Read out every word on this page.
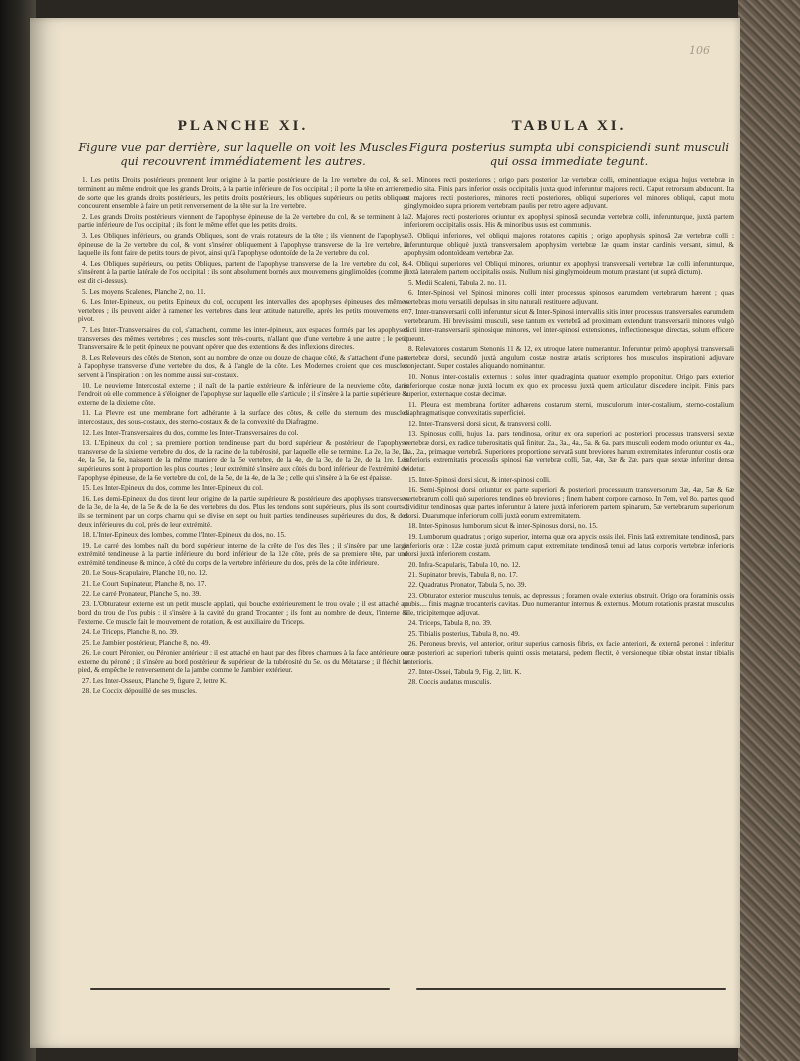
106
PLANCHE XI.

Figure vue par derrière, sur laquelle on voit les Muscles qui recouvrent immédiatement les autres.

1. Les petits Droits postérieurs prennent leur origine à la partie postérieure de la 1re vertebre du col, & se terminent au même endroit que les grands Droits, à la partie inférieure de l'os occipital ; il porte la tête en arriere ; de sorte que les grands droits postérieurs, les petits droits postérieurs, les obliques supérieurs ou petits obliques concourent ensemble à faire un petit renversement de la tête sur la 1re vertebre.
2. Les grands Droits postérieurs viennent de l'apophyse épineuse de la 2e vertebre du col, & se terminent à la partie inférieure de l'os occipital ; ils font le même effet que les petits droits.
3. Les Obliques inférieurs, ou grands Obliques, sont de vrais rotateurs de la tête ; ils viennent de l'apophyse épineuse de la 2e vertebre du col, & vont s'insérer obliquement à l'apophyse transverse de la 1re vertebre, à laquelle ils font faire de petits tours de pivot, ainsi qu'à l'apophyse odontoïde de la 2e vertebre du col.
4. Les Obliques supérieurs, ou petits Obliques, partent de l'apophyse transverse de la 1re vertebre du col, & s'insèrent à la partie latérale de l'os occipital : ils sont absolument bornés aux mouvemens ginglimoïdes (comme il est dit ci-dessus).
5. Les moyens Scalenes, Planche 2, no. 11.
6. Les Inter-Epineux, ou petits Epineux du col, occupent les intervalles des apophyses épineuses des mêmes vertebres ; ils peuvent aider à ramener les vertebres dans leur attitude naturelle, après les petits mouvemens en pivot.
7. Les Inter-Transversaires du col, s'attachent, comme les inter-épineux, aux espaces formés par les apophyses transverses des mêmes vertebres ; ces muscles sont très-courts, n'allant que d'une vertebre à une autre ; le petit Transversaire & le petit épineux ne pouvant opérer que des extentions & des inflexions directes.
8. Les Releveurs des côtés de Stenon, sont au nombre de onze ou douze de chaque côté, & s'attachent d'une part à l'apophyse transverse d'une vertebre du dos, & à l'angle de la côte. Les Modernes croient que ces muscles servent à l'inspiration : on les nomme aussi sur-costaux.
10. Le neuvieme Intercostal externe ; il naît de la partie extérieure & inférieure de la neuvieme côte, dans l'endroit où elle commence à s'éloigner de l'apophyse sur laquelle elle s'articule ; il s'insère à la partie supérieure & externe de la dixieme côte.
11. La Plevre est une membrane fort adhérante à la surface des côtes, & celle du sternum des muscles intercostaux, des sous-costaux, des sterno-costaux & de la convexité du Diafragme.
12. Les Inter-Transversaires du dos, comme les Inter-Transversaires du col.
13. L'Epineux du col ; sa premiere portion tendineuse part du bord supérieur & postérieur de l'apophyse transverse de la sixieme vertebre du dos, de la racine de la tubérosité, par laquelle elle se termine. La 2e, la 3e, la 4e, la 5e, la 6e, naissent de la même maniere de la 5e vertebre, de la 4e, de la 3e, de la 2e, de la 1re. Les supérieures sont à proportion les plus courtes ; leur extrémité s'insère aux côtés du bord inférieur de l'extrémité de l'apophyse épineuse, de la 6e vertebre du col, de la 5e, de la 4e, de la 3e ; celle qui s'insère à la 6e est épaisse.
15. Les Inter-Epineux du dos, comme les Inter-Epineux du col.
16. Les demi-Epineux du dos tirent leur origine de la partie supérieure & postérieure des apophyses transverses de la 3e, de la 4e, de la 5e & de la 6e des vertebres du dos. Plus les tendons sont supérieurs, plus ils sont courts ; ils se terminent par un corps charnu qui se divise en sept ou huit parties tendineuses supérieures du dos, & des deux inférieures du col, près de leur extrémité.
18. L'Inter-Epineux des lombes, comme l'Inter-Epineux du dos, no. 15.
19. Le carré des lombes naît du bord supérieur interne de la crête de l'os des îles ; il s'insère par une large extrémité tendineuse à la partie inférieure du bord inférieur de la 12e côte, près de sa premiere tête, par une extrémité tendineuse & mince, à côté du corps de la vertebre inférieure du dos, près de la côte inférieure.
20. Le Sous-Scapulaire, Planche 10, no. 12.
21. Le Court Supinateur, Planche 8, no. 17.
22. Le carré Pronateur, Planche 5, no. 39.
23. L'Obturateur externe est un petit muscle applati, qui bouche extérieurement le trou ovale ; il est attaché au bord du trou de l'os pubis : il s'insère à la cavité du grand Trocanter ; ils font au nombre de deux, l'interne & l'externe. Ce muscle fait le mouvement de rotation, & est auxiliaire du Triceps.
24. Le Triceps, Planche 8, no. 39.
25. Le Jambier postérieur, Planche 8, no. 49.
26. Le court Péronier, ou Péronier antérieur : il est attaché en haut par des fibres charnues à la face antérieure ou externe du péroné ; il s'insère au bord postérieur & supérieur de la tubérosité du 5e. os du Métatarse ; il fléchit le pied, & empêche le renversement de la jambe comme le Jambier extérieur.
27. Les Inter-Osseux, Planche 9, figure 2, lettre K.
28. Le Coccix dépouillé de ses muscles.
TABULA XI.

Figura posterius sumpta ubi conspiciendi sunt musculi qui ossa immediate tegunt.

1. Minores recti posteriores ; origo pars posterior 1æ vertebræ colli, eminentiaque exigua hujus vertebræ in medio sita. Finis pars inferior ossis occipitalis juxta quod inferuntur majores recti. Caput retrorsum abducunt. Ita ut majores recti posteriores, minores recti posteriores, obliqui superiores vel minores obliqui, caput motu ginglymoideo supra priorem vertebram paulis per retro agere adjuvant.
2. Majores recti posteriores oriuntur ex apophysi spinosâ secundæ vertebræ colli, inferunturque, juxtà partem inferiorem occipitalis ossis. His & minoribus usus est communis.
3. Obliqui inferiores, vel obliqui majores rotatores capitis ; origo apophysis spinosâ 2æ vertebræ colli : inferunturque obliquè juxtà transversalem apophysim vertebræ 1æ quam instar cardinis versant, simul, & apophysim odontoïdeam vertebræ 2æ.
4. Obliqui superiores vel Obliqui minores, oriuntur ex apophysi transversali vertebræ 1æ colli inferunturque, juxtà lateralem partem occipitalis ossis. Nullum nisi ginglymoideum motum præstant (ut suprà dictum).
5. Medii Scaleni, Tabula 2. no. 11.
6. Inter-Spinosi vel Spinosi minores colli inter processus spinosos earumdem vertebrarum hærent ; quas vertebras motu versatili depulsas in situ naturali restituere adjuvant.
7. Inter-transversarii colli inferuntur sicut & Inter-Spinosi intervallis sitis inter processus transversales earumdem vertebrarum. Hi brevissimi musculi, sese tantum ex vertebrâ ad proximam extendunt transversarii minores vulgò dicti inter-transversarii spinosique minores, vel inter-spinosi extensiones, inflectionesque directas, solum efficere queunt.
8. Relevatores costarum Stenonis 11 & 12, ex utroque latere numerantur. Inferuntur primò apophysi transversali vertebræ dorsi, secundò juxtà angulum costæ nostræ ætatis scriptores hos musculos inspirationi adjuvare conjectant. Super costales aliquando nominantur.
10. Nonus inter-costalis externus : solus inter quadraginta quatuor exemplo proponitur. Origo pars exterior inferiorque costæ nonæ juxtà locum ex quo ex processu juxtà quem articulatur discedere incipit. Finis pars superior, externaque costæ decimæ.
11. Pleura est membrana fortiter adhærens costarum sterni, musculorum inter-costalium, sterno-costalium diaphragmatisque convexitatis superficiei.
12. Inter-Transversi dorsi sicut, & transversi colli.
13. Spinosus colli, hujus 1a. pars tendinosa, oritur ex ora superiori ac posteriori processus transversi sextæ vertebræ dorsi, ex radice tuberositatis quâ finitur. 2a., 3a., 4a., 5a. & 6a. pars musculi eodem modo oriuntur ex 4a., 3a., 2a., primaque vertebrâ. Superiores proportione servatâ sunt breviores harum extremitates inferuntur costis oræ inferioris extremitatis processûs spinosi 6æ vertebræ colli, 5æ, 4æ, 3æ & 2æ. pars quæ sextæ inferitur densa videtur.
15. Inter-Spinosi dorsi sicut, & inter-spinosi colli.
16. Semi-Spinosi dorsi oriuntur ex parte superiori & posteriori processuum transversorum 3æ, 4æ, 5æ & 6æ vertebrarum colli quò superiores tendines eò breviores ; finem habent corpore carnoso. In 7em, vel 8o. partes quod dividitur tendinosas quæ partes inferuntur à latere juxtà inferiorem partem spinarum, 5æ vertebrarum superiorum dorsi. Duarumque inferiorum colli juxtà eorum extremitatem.
18. Inter-Spinosus lumborum sicut & inter-Spinosus dorsi, no. 15.
19. Lumborum quadratus ; origo superior, interna quæ ora apycis ossis ilei. Finis latâ extremitate tendinosâ, pars inferioris oræ : 12æ costæ juxtà primum caput extremitate tendinosâ tenui ad latus corporis vertebræ inferioris dorsi juxtà inferiorem costam.
20. Infra-Scapularis, Tabula 10, no. 12.
21. Supinator brevis, Tabula 8, no. 17.
22. Quadratus Pronator, Tabula 5, no. 39.
23. Obturator exterior musculus tenuis, ac depressus ; foramen ovale exterius obstruit. Origo ora foraminis ossis pubis.... finis magnæ trocanteris cavitas. Duo numerantur internus & externus. Motum rotationis præstat musculus ille, tricipitemque adjuvat.
24. Triceps, Tabula 8, no. 39.
25. Tibialis posterius, Tabula 8, no. 49.
26. Peroneus brevis, vel anterior, oritur superius carnosis fibris, ex facie anteriori, & externâ peronei : inferitur oræ posteriori ac superiori tuberis quinti ossis metatarsi, pedem flectit, è versioneque tibiæ obstat instar tibialis anterioris.
27. Inter-Ossei, Tabula 9, Fig. 2, litt. K.
28. Coccis audatus musculis.
